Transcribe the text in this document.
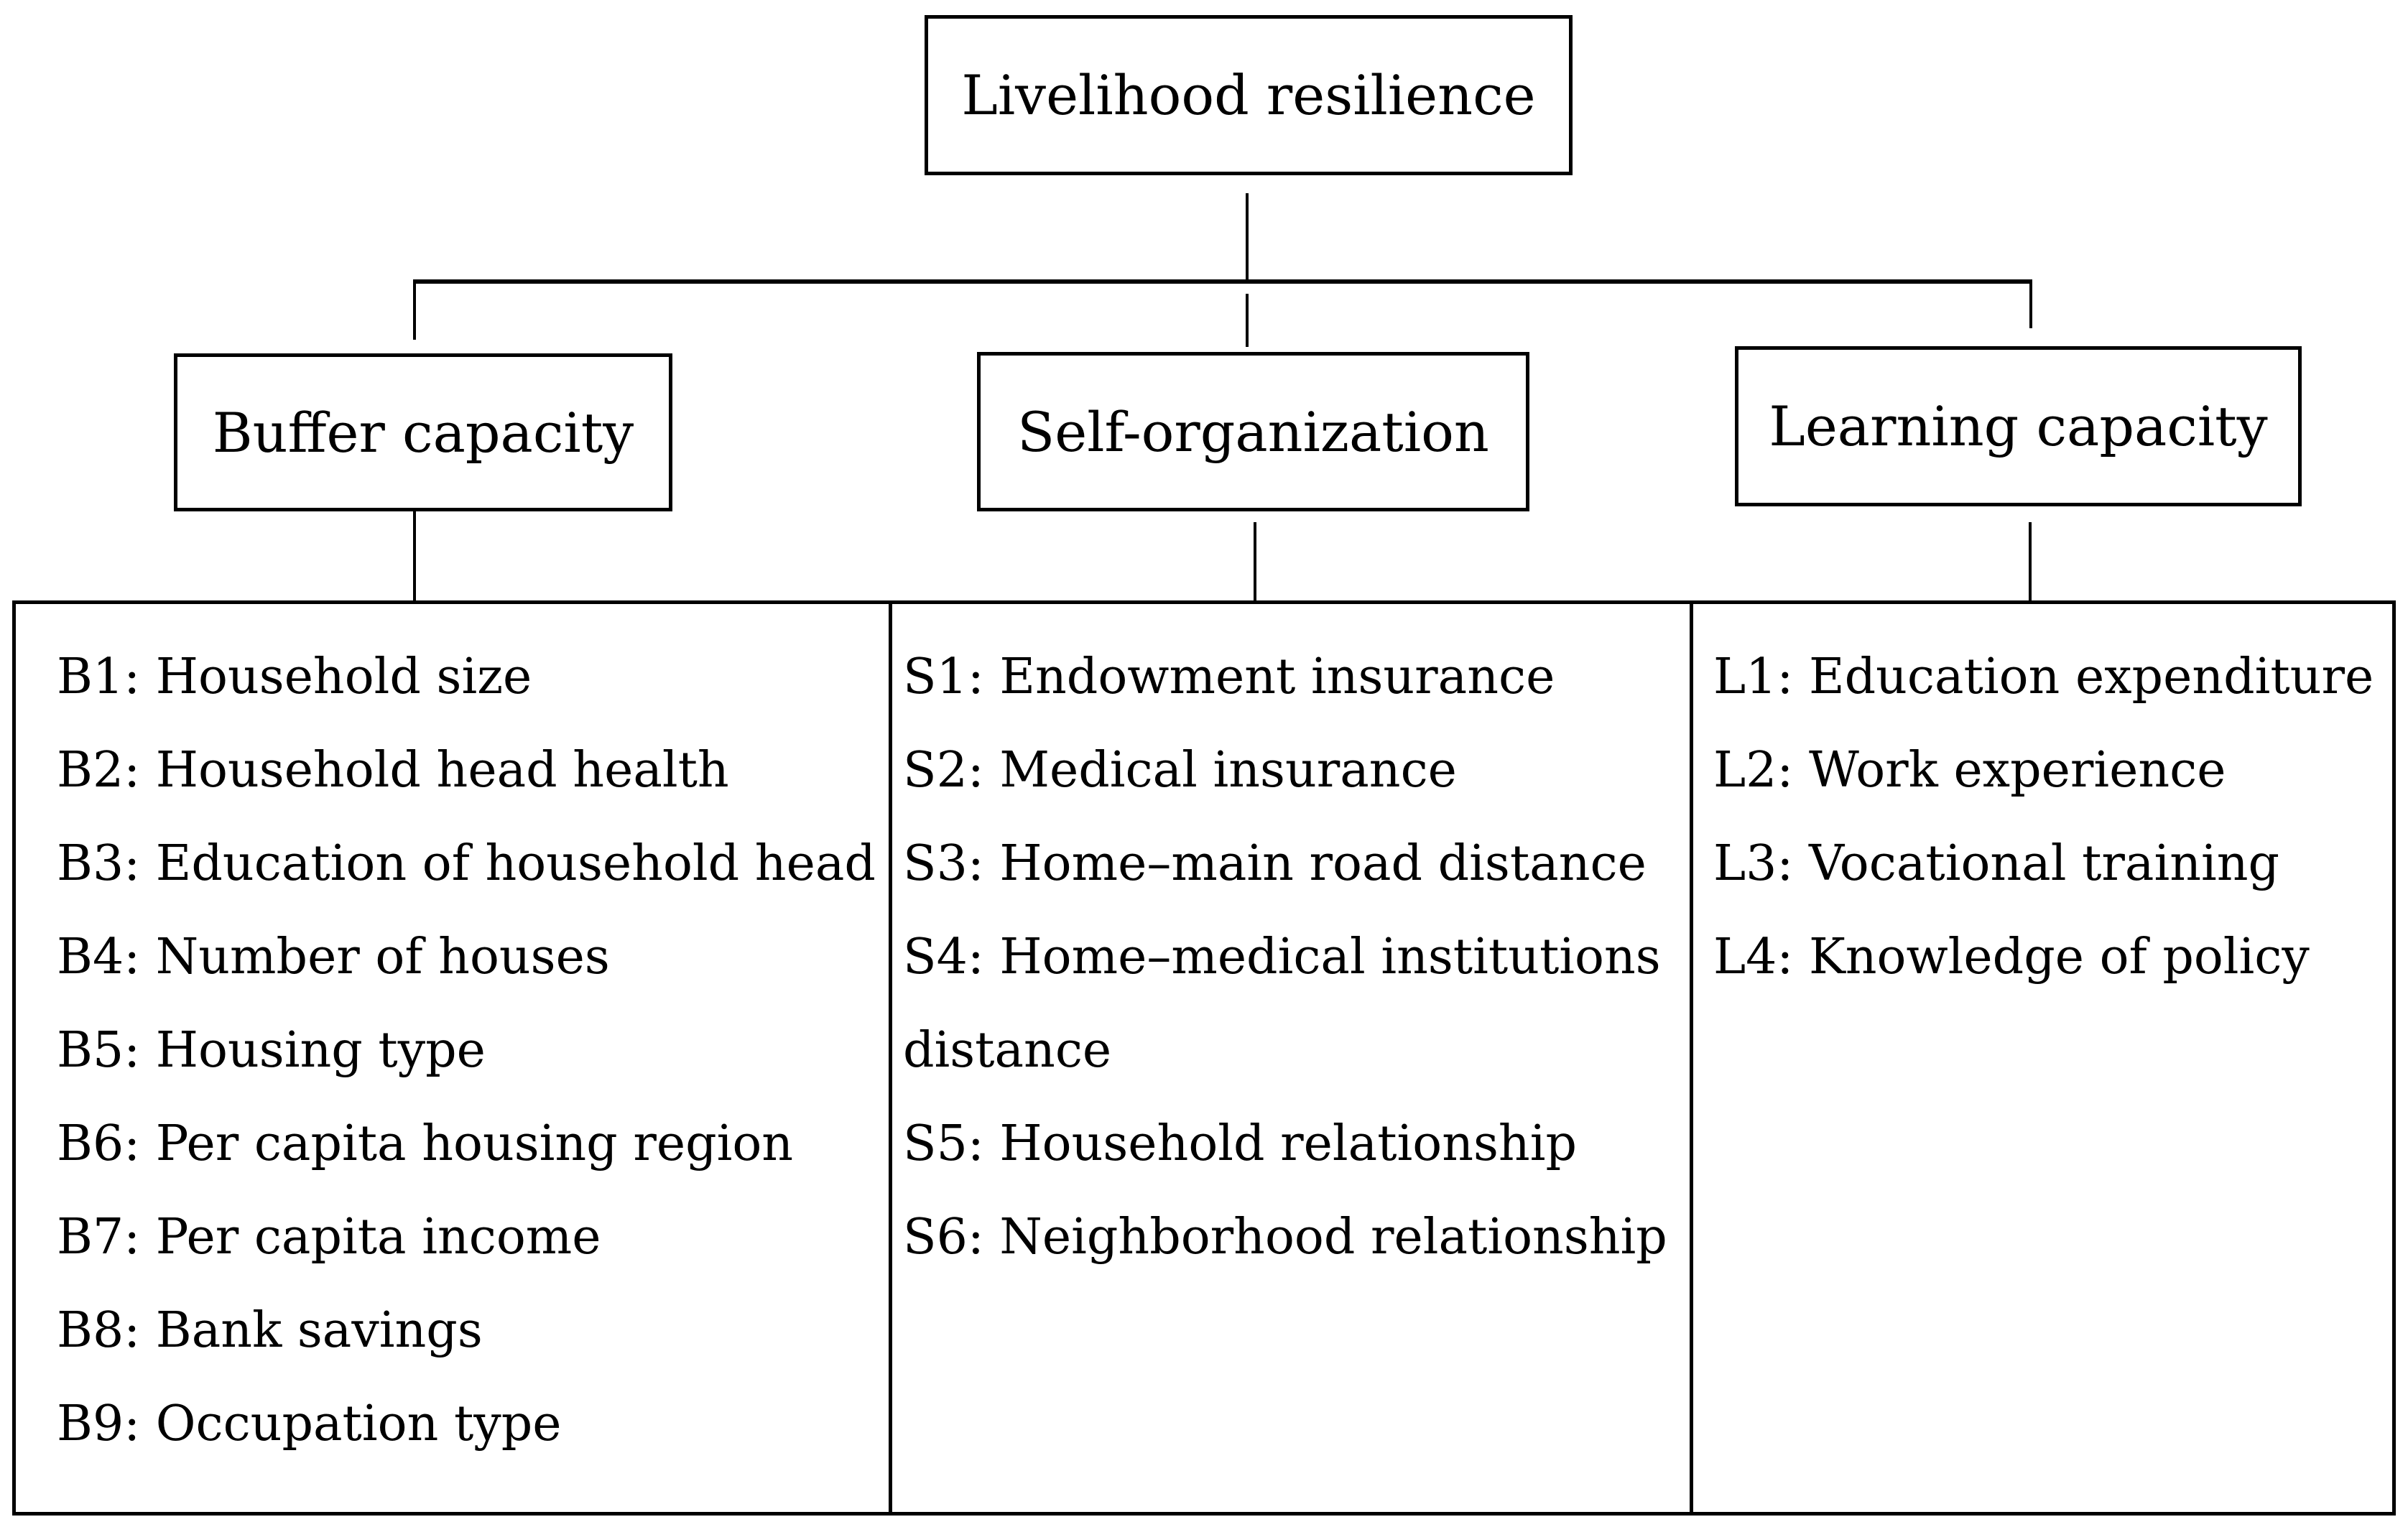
Livelihood resilience
Buffer capacity	Self-organization	Learning capacity
B1: Household size
B2: Household head health
B3: Education of household head
B4: Number of houses
B5: Housing type
B6: Per capita housing region
B7: Per capita income
B8: Bank savings
B9: Occupation type
S1: Endowment insurance
S2: Medical insurance
S3: Home–main road distance
S4: Home–medical institutions
distance
S5: Household relationship
S6: Neighborhood relationship
L1: Education expenditure
L2: Work experience
L3: Vocational training
L4: Knowledge of policy
